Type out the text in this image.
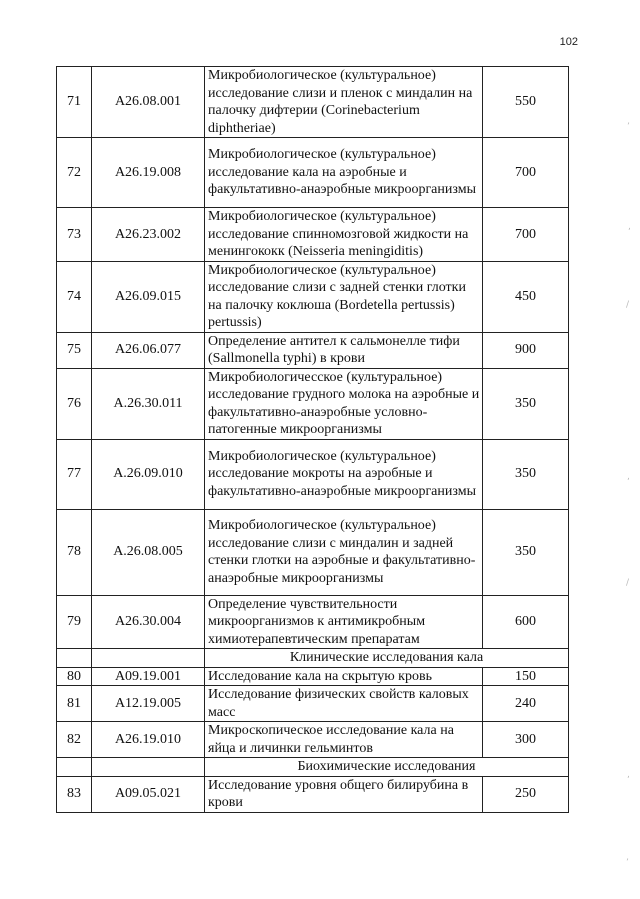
102
71	A26.08.001	Микробиологическое (культуральное) исследование слизи и пленок с миндалин на палочку дифтерии (Corinebacterium diphtheriae)	550
72	A26.19.008	Микробиологическое (культуральное) исследование кала на аэробные и факультативно-анаэробные микроорганизмы	700
73	A26.23.002	Микробиологическое (культуральное) исследование спинномозговой жидкости на менингококк (Neisseria meningiditis)	700
74	A26.09.015	Микробиологическое (культуральное) исследование слизи с задней стенки глотки на палочку коклюша (Bordetella pertussis) pertussis)	450
75	A26.06.077	Определение антител к сальмонелле тифи (Sallmonella typhi) в крови	900
76	A.26.30.011	Микробиологичесское (культуральное) исследование грудного молока на аэробные и факультативно-анаэробные условно-патогенные микроорганизмы	350
77	A.26.09.010	Микробиологическое (культуральное) исследование мокроты на аэробные и факультативно-анаэробные микроорганизмы	350
78	A.26.08.005	Микробиологическое (культуральное) исследование слизи с миндалин и задней стенки глотки на аэробные и факультативно-анаэробные микроорганизмы	350
79	A26.30.004	Определение чувствительности микроорганизмов к антимикробным химиотерапевтическим препаратам	600
		Клинические исследования кала	
80	A09.19.001	Исследование кала на скрытую кровь	150
81	A12.19.005	Исследование физических свойств каловых масс	240
82	A26.19.010	Микроскопическое исследование кала на яйца и личинки гельминтов	300
		Биохимические исследования	
83	A09.05.021	Исследование уровня общего билирубина в крови	250
ʼ
,
/
,
/
,
ʼ
